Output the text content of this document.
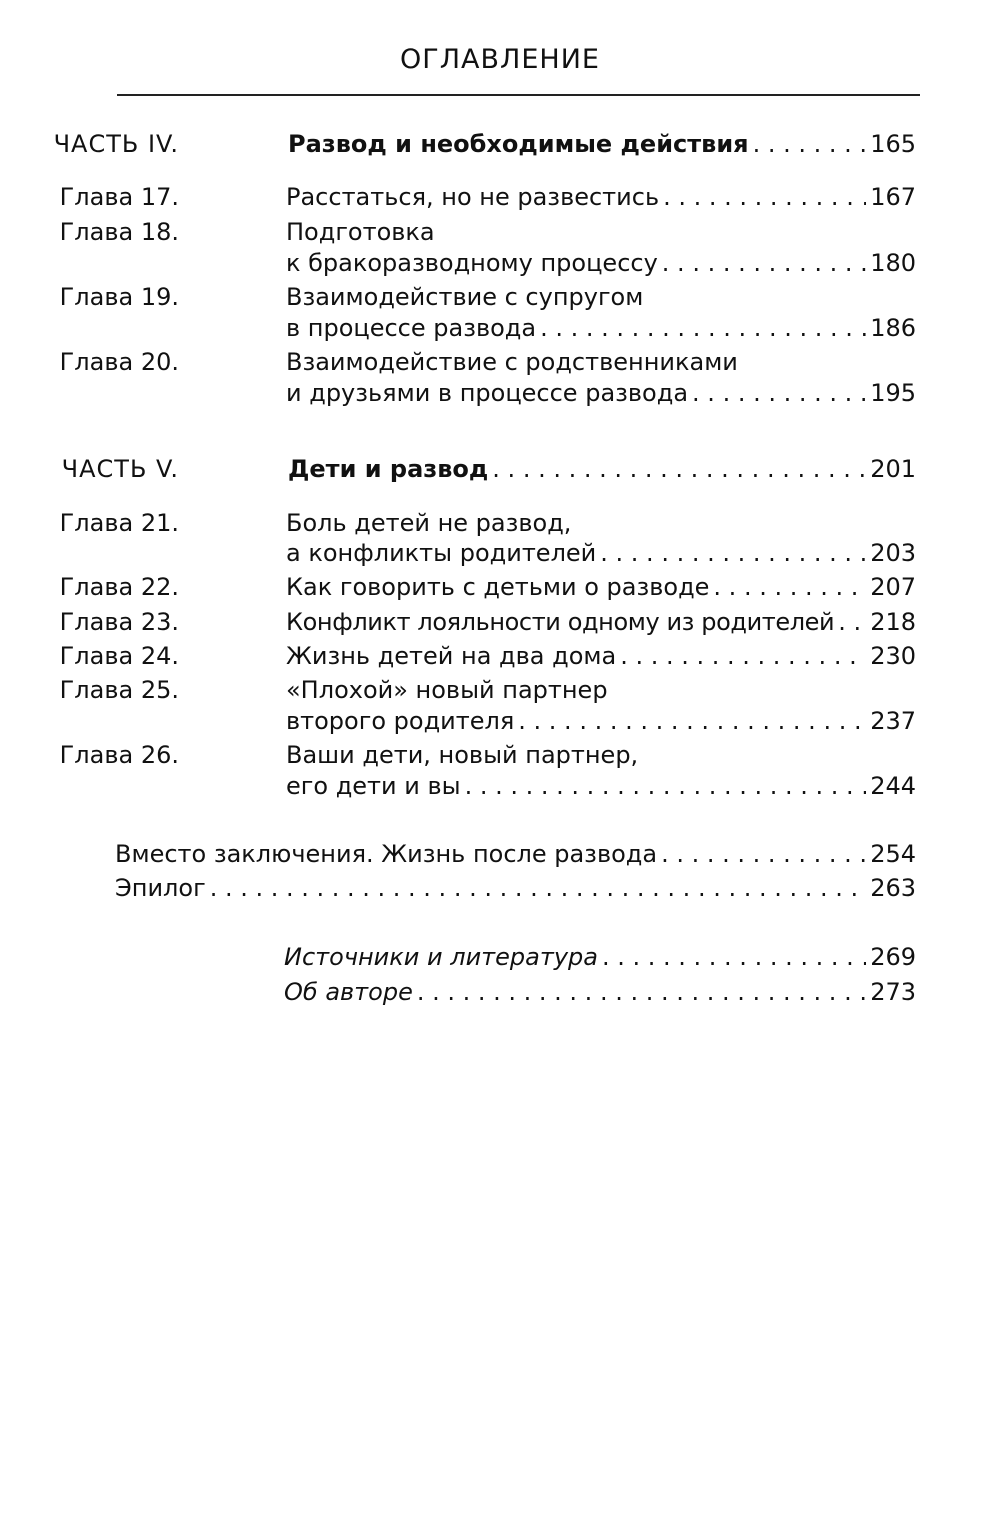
ОГЛАВЛЕНИЕ
ЧАСТЬ IV.	Развод и необходимые действия . . .	165
Глава 17.	Расстаться, но не развестись . . .	167
Глава 18.	Подготовка
к бракоразводному процессу . . .	180
Глава 19.	Взаимодействие с супругом
в процессе развода . . .	186
Глава 20.	Взаимодействие с родственниками
и друзьями в процессе развода . . .	195
ЧАСТЬ V.	Дети и развод . . .	201
Глава 21.	Боль детей не развод,
а конфликты родителей . . .	203
Глава 22.	Как говорить с детьми о разводе . . .	207
Глава 23.	Конфликт лояльности одному из родителей . . . 218
Глава 24.	Жизнь детей на два дома . . .	230
Глава 25.	«Плохой» новый партнер
второго родителя . . .	237
Глава 26.	Ваши дети, новый партнер,
его дети и вы . . .	244
Вместо заключения. Жизнь после развода . . .	254
Эпилог . . .	263
Источники и литература . . .	269
Об авторе . . .	273
